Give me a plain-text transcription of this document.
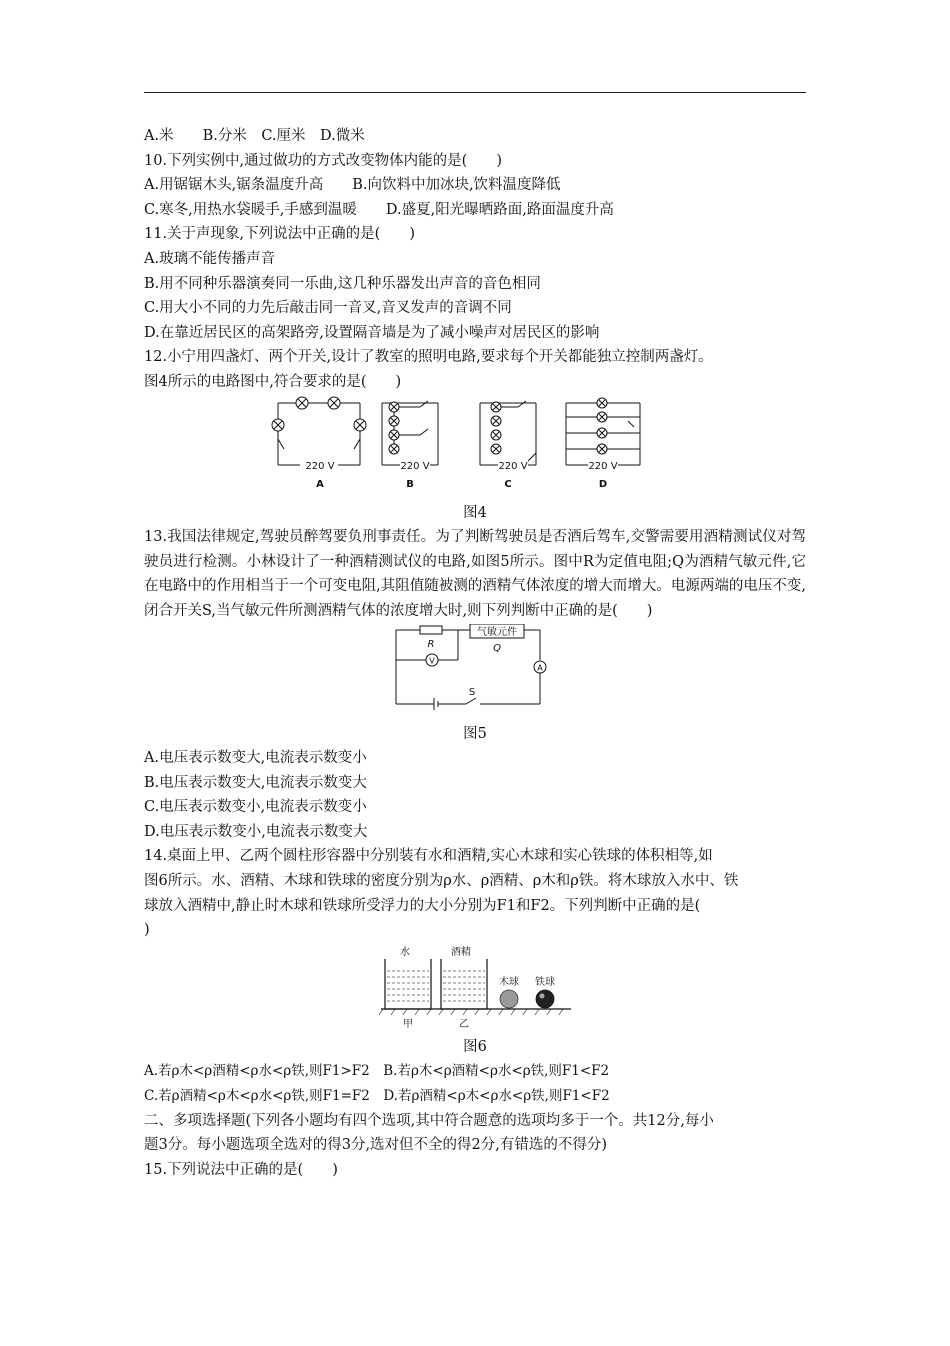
A.米　　B.分米　C.厘米　D.微米
10.下列实例中,通过做功的方式改变物体内能的是(　　)
A.用锯锯木头,锯条温度升高　　B.向饮料中加冰块,饮料温度降低
C.寒冬,用热水袋暖手,手感到温暖　　D.盛夏,阳光曝晒路面,路面温度升高
11.关于声现象,下列说法中正确的是(　　)
A.玻璃不能传播声音
B.用不同种乐器演奏同一乐曲,这几种乐器发出声音的音色相同
C.用大小不同的力先后敲击同一音叉,音叉发声的音调不同
D.在靠近居民区的高架路旁,设置隔音墙是为了减小噪声对居民区的影响
12.小宁用四盏灯、两个开关,设计了教室的照明电路,要求每个开关都能独立控制两盏灯。
图4所示的电路图中,符合要求的是(　　)
220 V	220 V	220 V	220 V
A	B	C	D
图4
13.我国法律规定,驾驶员醉驾要负刑事责任。为了判断驾驶员是否酒后驾车,交警需要用酒精测试仪对驾驶员进行检测。小林设计了一种酒精测试仪的电路,如图5所示。图中R为定值电阻;Q为酒精气敏元件,它在电路中的作用相当于一个可变电阻,其阻值随被测的酒精气体浓度的增大而增大。电源两端的电压不变,闭合开关S,当气敏元件所测酒精气体的浓度增大时,则下列判断中正确的是(　　)
R
气敏元件
Q
V
A
S
图5
A.电压表示数变大,电流表示数变小
B.电压表示数变大,电流表示数变大
C.电压表示数变小,电流表示数变小
D.电压表示数变小,电流表示数变大
14.桌面上甲、乙两个圆柱形容器中分别装有水和酒精,实心木球和实心铁球的体积相等,如
图6所示。水、酒精、木球和铁球的密度分别为ρ水、ρ酒精、ρ木和ρ铁。将木球放入水中、铁
球放入酒精中,静止时木球和铁球所受浮力的大小分别为F1和F2。下列判断中正确的是(
)
水	酒精
木球 铁球
甲	乙
图6
A.若ρ木<ρ酒精<ρ水<ρ铁,则F1>F2　B.若ρ木<ρ酒精<ρ水<ρ铁,则F1<F2
C.若ρ酒精<ρ木<ρ水<ρ铁,则F1=F2　D.若ρ酒精<ρ木<ρ水<ρ铁,则F1<F2
二、多项选择题(下列各小题均有四个选项,其中符合题意的选项均多于一个。共12分,每小
题3分。每小题选项全选对的得3分,选对但不全的得2分,有错选的不得分)
15.下列说法中正确的是(　　)
